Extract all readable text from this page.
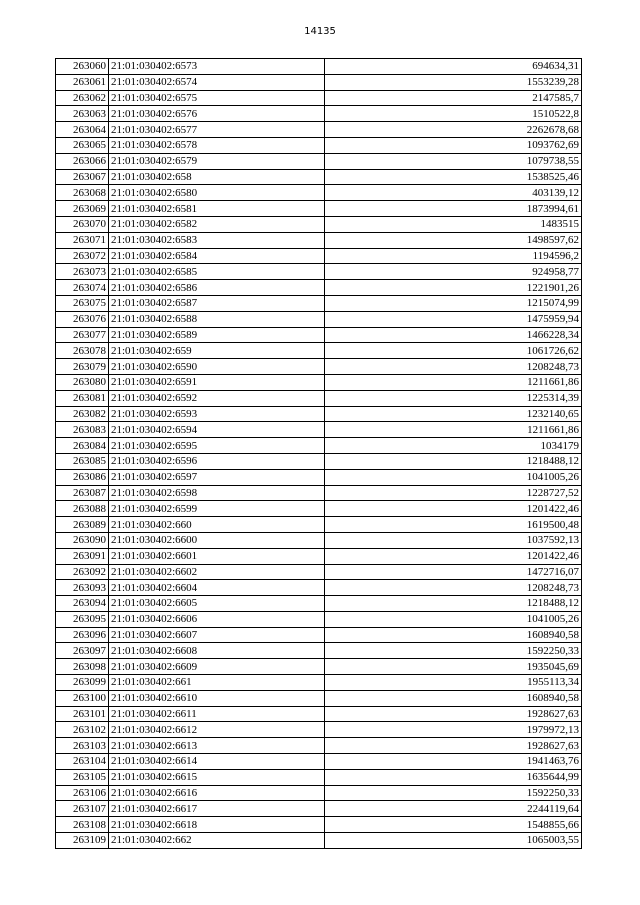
14135
263060	21:01:030402:6573	694634,31
263061	21:01:030402:6574	1553239,28
263062	21:01:030402:6575	2147585,7
263063	21:01:030402:6576	1510522,8
263064	21:01:030402:6577	2262678,68
263065	21:01:030402:6578	1093762,69
263066	21:01:030402:6579	1079738,55
263067	21:01:030402:658	1538525,46
263068	21:01:030402:6580	403139,12
263069	21:01:030402:6581	1873994,61
263070	21:01:030402:6582	1483515
263071	21:01:030402:6583	1498597,62
263072	21:01:030402:6584	1194596,2
263073	21:01:030402:6585	924958,77
263074	21:01:030402:6586	1221901,26
263075	21:01:030402:6587	1215074,99
263076	21:01:030402:6588	1475959,94
263077	21:01:030402:6589	1466228,34
263078	21:01:030402:659	1061726,62
263079	21:01:030402:6590	1208248,73
263080	21:01:030402:6591	1211661,86
263081	21:01:030402:6592	1225314,39
263082	21:01:030402:6593	1232140,65
263083	21:01:030402:6594	1211661,86
263084	21:01:030402:6595	1034179
263085	21:01:030402:6596	1218488,12
263086	21:01:030402:6597	1041005,26
263087	21:01:030402:6598	1228727,52
263088	21:01:030402:6599	1201422,46
263089	21:01:030402:660	1619500,48
263090	21:01:030402:6600	1037592,13
263091	21:01:030402:6601	1201422,46
263092	21:01:030402:6602	1472716,07
263093	21:01:030402:6604	1208248,73
263094	21:01:030402:6605	1218488,12
263095	21:01:030402:6606	1041005,26
263096	21:01:030402:6607	1608940,58
263097	21:01:030402:6608	1592250,33
263098	21:01:030402:6609	1935045,69
263099	21:01:030402:661	1955113,34
263100	21:01:030402:6610	1608940,58
263101	21:01:030402:6611	1928627,63
263102	21:01:030402:6612	1979972,13
263103	21:01:030402:6613	1928627,63
263104	21:01:030402:6614	1941463,76
263105	21:01:030402:6615	1635644,99
263106	21:01:030402:6616	1592250,33
263107	21:01:030402:6617	2244119,64
263108	21:01:030402:6618	1548855,66
263109	21:01:030402:662	1065003,55
